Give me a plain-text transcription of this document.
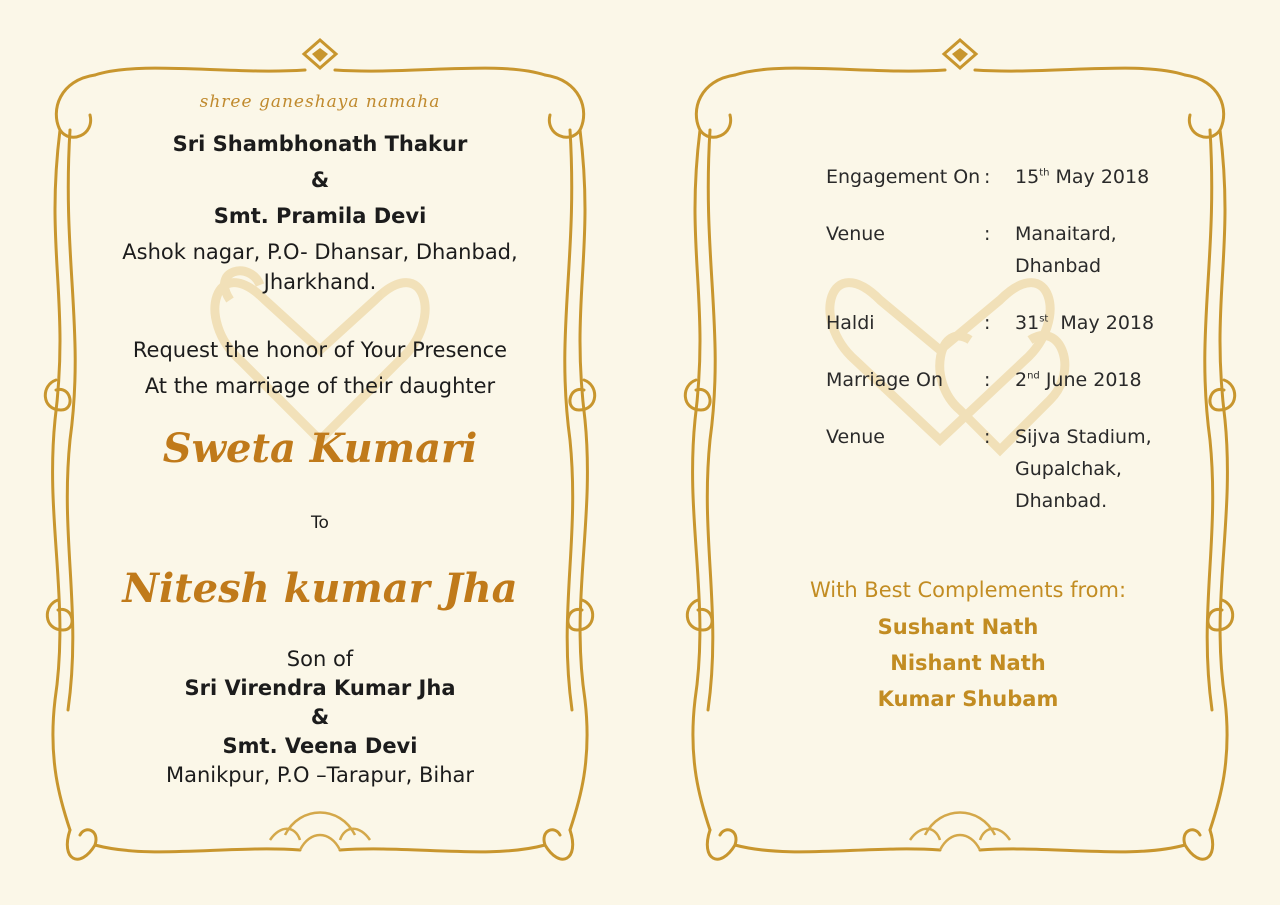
shree ganeshaya namaha
Sri Shambhonath Thakur
&
Smt. Pramila Devi
Ashok nagar, P.O- Dhansar, Dhanbad,
Jharkhand.
Request the honor of Your Presence
At the marriage of their daughter
Sweta Kumari
To
Nitesh kumar Jha
Son of
Sri Virendra Kumar Jha
&
Smt. Veena Devi
Manikpur, P.O –Tarapur, Bihar
Engagement On : 15th May 2018
Venue	: Manaitard,
Dhanbad
Haldi	: 31st  May 2018
Marriage On	: 2nd June 2018
Venue	: Sijva Stadium,
Gupalchak,
Dhanbad.
With Best Complements from:
Sushant Nath
Nishant Nath
Kumar Shubam
